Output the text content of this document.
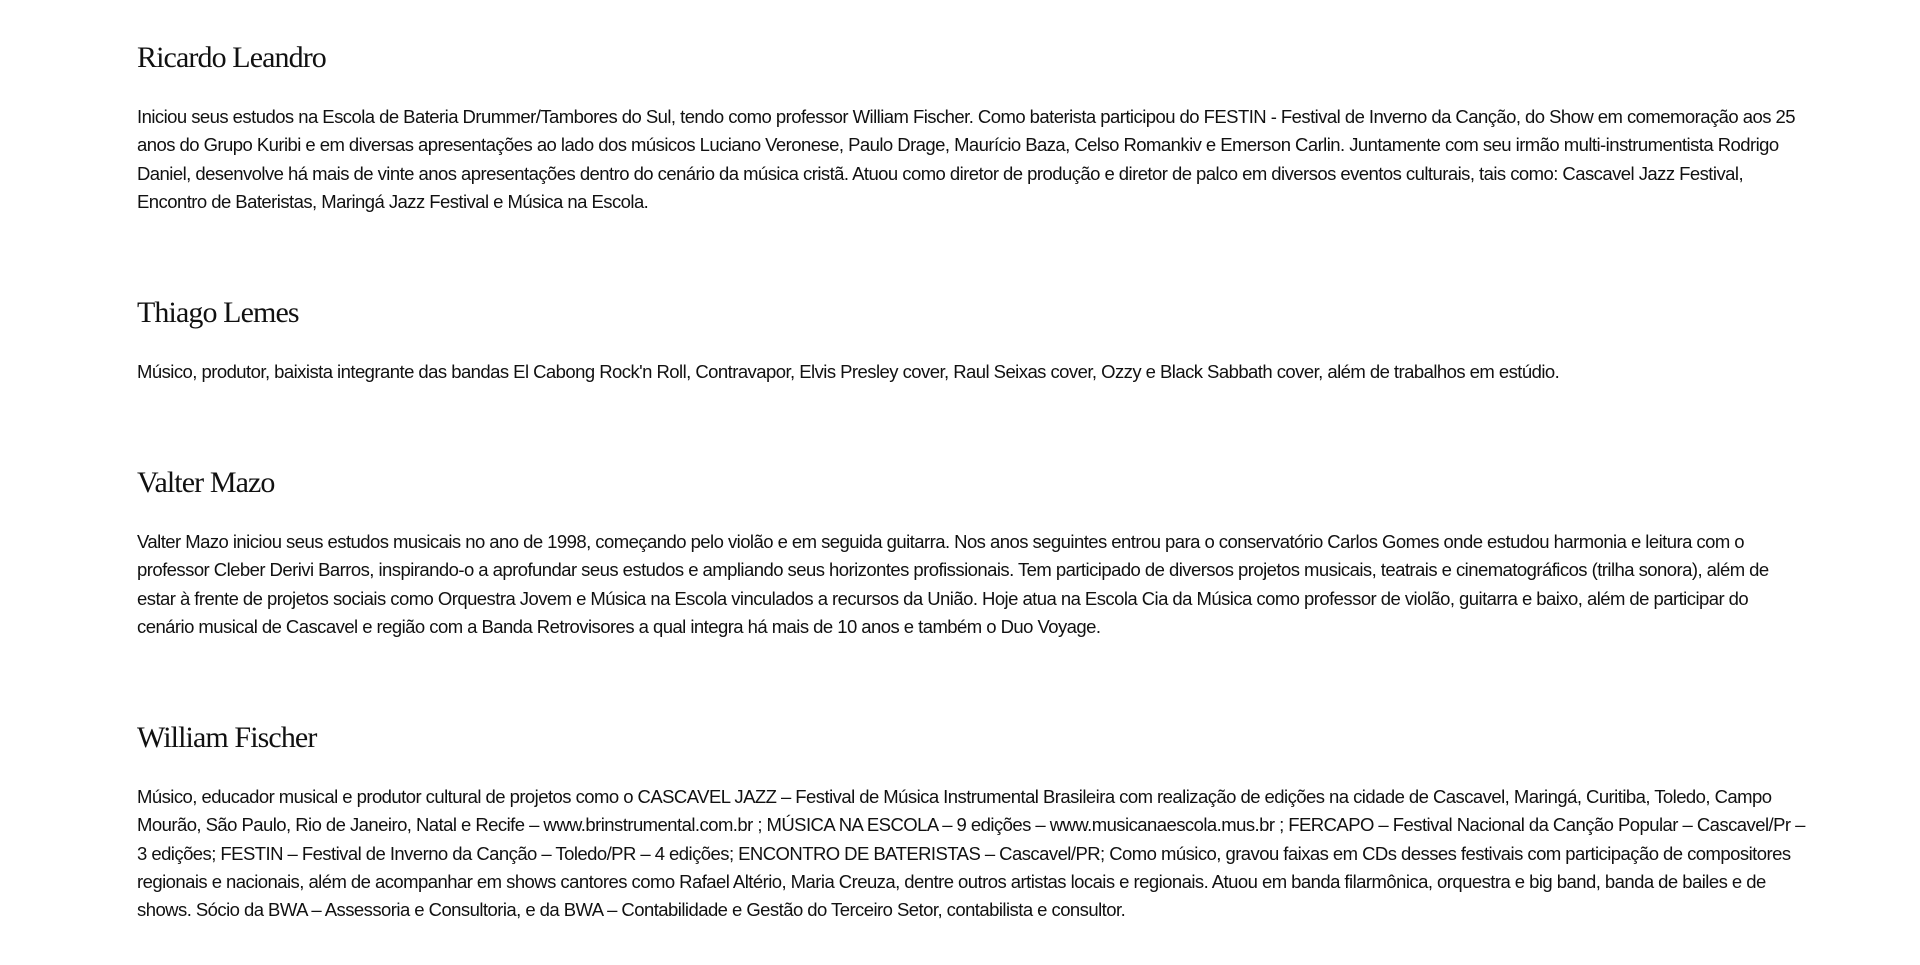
Ricardo Leandro

Iniciou seus estudos na Escola de Bateria Drummer/Tambores do Sul, tendo como professor William Fischer. Como baterista participou do FESTIN - Festival de Inverno da Canção, do Show em comemoração aos 25 anos do Grupo Kuribi e em diversas apresentações ao lado dos músicos Luciano Veronese, Paulo Drage, Maurício Baza, Celso Romankiv e Emerson Carlin. Juntamente com seu irmão multi-instrumentista Rodrigo Daniel, desenvolve há mais de vinte anos apresentações dentro do cenário da música cristã. Atuou como diretor de produção e diretor de palco em diversos eventos culturais, tais como: Cascavel Jazz Festival, Encontro de Bateristas, Maringá Jazz Festival e Música na Escola.

Thiago Lemes

Músico, produtor, baixista integrante das bandas El Cabong Rock'n Roll, Contravapor, Elvis Presley cover, Raul Seixas cover, Ozzy e Black Sabbath cover, além de trabalhos em estúdio.

Valter Mazo

Valter Mazo iniciou seus estudos musicais no ano de 1998, começando pelo violão e em seguida guitarra. Nos anos seguintes entrou para o conservatório Carlos Gomes onde estudou harmonia e leitura com o professor Cleber Derivi Barros, inspirando-o a aprofundar seus estudos e ampliando seus horizontes profissionais. Tem participado de diversos projetos musicais, teatrais e cinematográficos (trilha sonora), além de estar à frente de projetos sociais como Orquestra Jovem e Música na Escola vinculados a recursos da União. Hoje atua na Escola Cia da Música como professor de violão, guitarra e baixo, além de participar do cenário musical de Cascavel e região com a Banda Retrovisores a qual integra há mais de 10 anos e também o Duo Voyage.

William Fischer

Músico, educador musical e produtor cultural de projetos como o CASCAVEL JAZZ – Festival de Música Instrumental Brasileira com realização de edições na cidade de Cascavel, Maringá, Curitiba, Toledo, Campo Mourão, São Paulo, Rio de Janeiro, Natal e Recife – www.brinstrumental.com.br ; MÚSICA NA ESCOLA – 9 edições – www.musicanaescola.mus.br ; FERCAPO – Festival Nacional da Canção Popular – Cascavel/Pr – 3 edições; FESTIN – Festival de Inverno da Canção – Toledo/PR – 4 edições; ENCONTRO DE BATERISTAS – Cascavel/PR; Como músico, gravou faixas em CDs desses festivais com participação de compositores regionais e nacionais, além de acompanhar em shows cantores como Rafael Altério, Maria Creuza, dentre outros artistas locais e regionais. Atuou em banda filarmônica, orquestra e big band, banda de bailes e de shows. Sócio da BWA – Assessoria e Consultoria, e da BWA – Contabilidade e Gestão do Terceiro Setor, contabilista e consultor.
